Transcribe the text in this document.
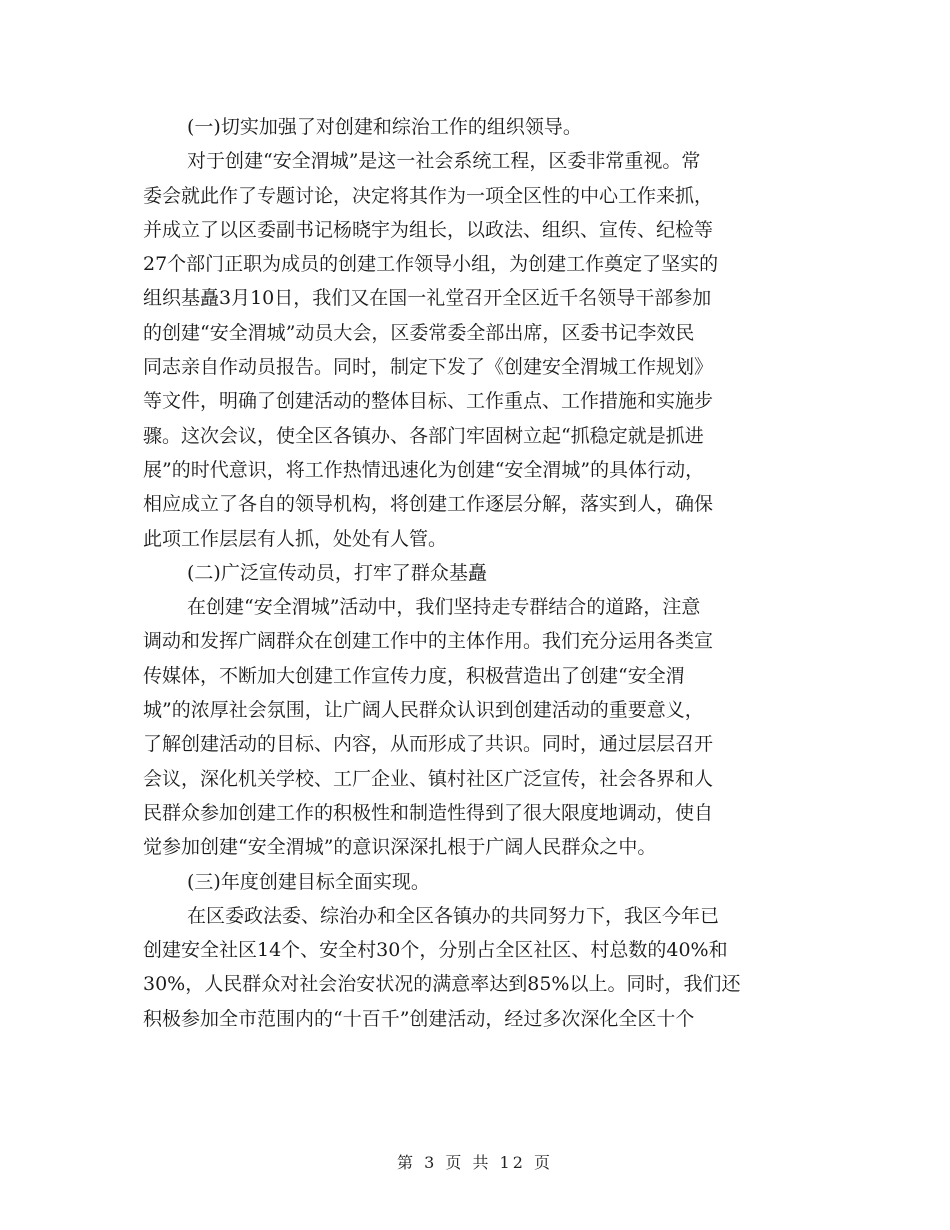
(一)切实加强了对创建和综治工作的组织领导。
对于创建“安全渭城”是这一社会系统工程，区委非常重视。常
委会就此作了专题讨论，决定将其作为一项全区性的中心工作来抓，
并成立了以区委副书记杨晓宇为组长，以政法、组织、宣传、纪检等
27个部门正职为成员的创建工作领导小组，为创建工作奠定了坚实的
组织基矗3月10日，我们又在国一礼堂召开全区近千名领导干部参加
的创建“安全渭城”动员大会，区委常委全部出席，区委书记李效民
同志亲自作动员报告。同时，制定下发了《创建安全渭城工作规划》
等文件，明确了创建活动的整体目标、工作重点、工作措施和实施步
骤。这次会议，使全区各镇办、各部门牢固树立起“抓稳定就是抓进
展”的时代意识，将工作热情迅速化为创建“安全渭城”的具体行动，
相应成立了各自的领导机构，将创建工作逐层分解，落实到人，确保
此项工作层层有人抓，处处有人管。
(二)广泛宣传动员，打牢了群众基矗
在创建“安全渭城”活动中，我们坚持走专群结合的道路，注意
调动和发挥广阔群众在创建工作中的主体作用。我们充分运用各类宣
传媒体，不断加大创建工作宣传力度，积极营造出了创建“安全渭
城”的浓厚社会氛围，让广阔人民群众认识到创建活动的重要意义，
了解创建活动的目标、内容，从而形成了共识。同时，通过层层召开
会议，深化机关学校、工厂企业、镇村社区广泛宣传，社会各界和人
民群众参加创建工作的积极性和制造性得到了很大限度地调动，使自
觉参加创建“安全渭城”的意识深深扎根于广阔人民群众之中。
(三)年度创建目标全面实现。
在区委政法委、综治办和全区各镇办的共同努力下，我区今年已
创建安全社区14个、安全村30个，分别占全区社区、村总数的40%和
30%，人民群众对社会治安状况的满意率达到85%以上。同时，我们还
积极参加全市范围内的“十百千”创建活动，经过多次深化全区十个
第 3 页 共 12 页
